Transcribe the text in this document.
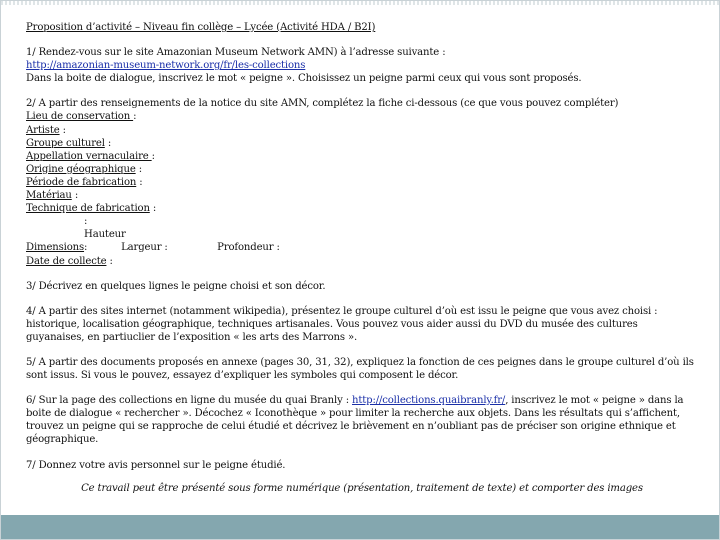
Proposition d’activité – Niveau fin collège – Lycée (Activité HDA / B2I)

1/ Rendez-vous sur le site Amazonian Museum Network AMN) à l’adresse suivante :

http://amazonian-museum-network.org/fr/les-collections

Dans la boite de dialogue, inscrivez le mot « peigne ». Choisissez un peigne parmi ceux qui vous sont proposés.

2/ A partir des renseignements de la notice du site AMN, complétez la fiche ci-dessous (ce que vous pouvez compléter)

Lieu de conservation :

Artiste :

Groupe culturel :

Appellation vernaculaire :

Origine géographique :

Période de fabrication :

Matériau :

Technique de fabrication :

Dimensions: Hauteur :	Largeur :	Profondeur :

Date de collecte :

3/ Décrivez en quelques lignes le peigne choisi et son décor.

4/ A partir des sites internet (notamment wikipedia), présentez le groupe culturel d’où est issu le peigne que vous avez choisi : historique, localisation géographique, techniques artisanales. Vous pouvez vous aider aussi du DVD du musée des cultures guyanaises, en partiuclier de l’exposition « les arts des Marrons ».

5/ A partir des documents proposés en annexe (pages 30, 31, 32), expliquez la fonction de ces peignes dans le groupe culturel d’où ils sont issus. Si vous le pouvez, essayez d’expliquer les symboles qui composent le décor.

6/ Sur la page des collections en ligne du musée du quai Branly : http://collections.quaibranly.fr/, inscrivez le mot « peigne » dans la boite de dialogue « rechercher ». Décochez « Iconothèque » pour limiter la recherche aux objets. Dans les résultats qui s’affichent, trouvez un peigne qui se rapproche de celui étudié et décrivez le brièvement en n’oubliant pas de préciser son origine ethnique et géographique.

7/ Donnez votre avis personnel sur le peigne étudié.

Ce travail peut être présenté sous forme numérique (présentation, traitement de texte) et comporter des images
